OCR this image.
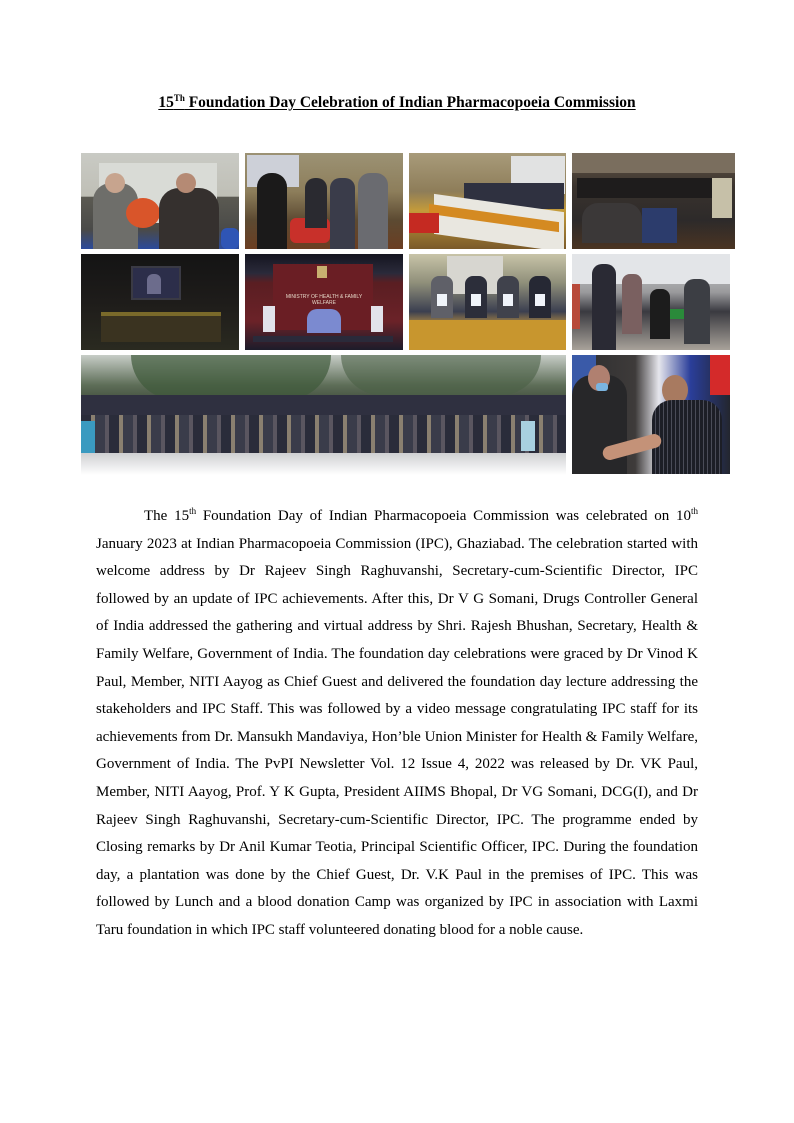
15Th Foundation Day Celebration of Indian Pharmacopoeia Commission
MINISTRY OF HEALTH & FAMILY WELFARE
The 15th Foundation Day of Indian Pharmacopoeia Commission was celebrated on 10th January 2023 at Indian Pharmacopoeia Commission (IPC), Ghaziabad. The celebration started with welcome address by Dr Rajeev Singh Raghuvanshi, Secretary-cum-Scientific Director, IPC followed by an update of IPC achievements. After this, Dr V G Somani, Drugs Controller General of India addressed the gathering and virtual address by Shri. Rajesh Bhushan, Secretary, Health & Family Welfare, Government of India. The foundation day celebrations were graced by Dr Vinod K Paul, Member, NITI Aayog as Chief Guest and delivered the foundation day lecture addressing the stakeholders and IPC Staff. This was followed by a video message congratulating IPC staff for its achievements from Dr. Mansukh Mandaviya, Hon’ble Union Minister for Health & Family Welfare, Government of India. The PvPI Newsletter Vol. 12 Issue 4, 2022 was released by Dr. VK Paul, Member, NITI Aayog, Prof. Y K Gupta, President AIIMS Bhopal, Dr VG Somani, DCG(I), and Dr Rajeev Singh Raghuvanshi, Secretary-cum-Scientific Director, IPC. The programme ended by Closing remarks by Dr Anil Kumar Teotia, Principal Scientific Officer, IPC. During the foundation day, a plantation was done by the Chief Guest, Dr. V.K Paul in the premises of IPC. This was followed by Lunch and a blood donation Camp was organized by IPC in association with Laxmi Taru foundation in which IPC staff volunteered donating blood for a noble cause.
